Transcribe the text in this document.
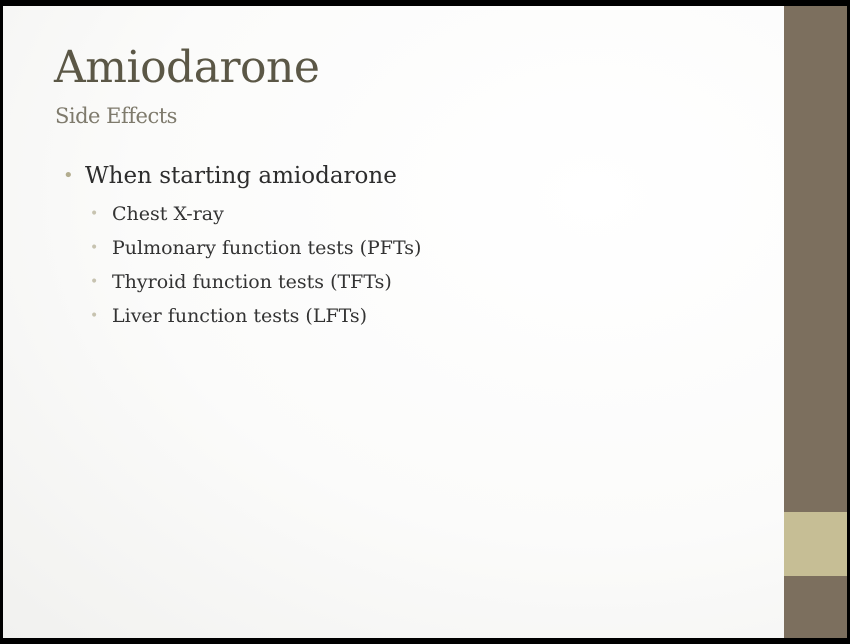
Amiodarone
Side Effects
• When starting amiodarone
• Chest X-ray
• Pulmonary function tests (PFTs)
• Thyroid function tests (TFTs)
• Liver function tests (LFTs)
